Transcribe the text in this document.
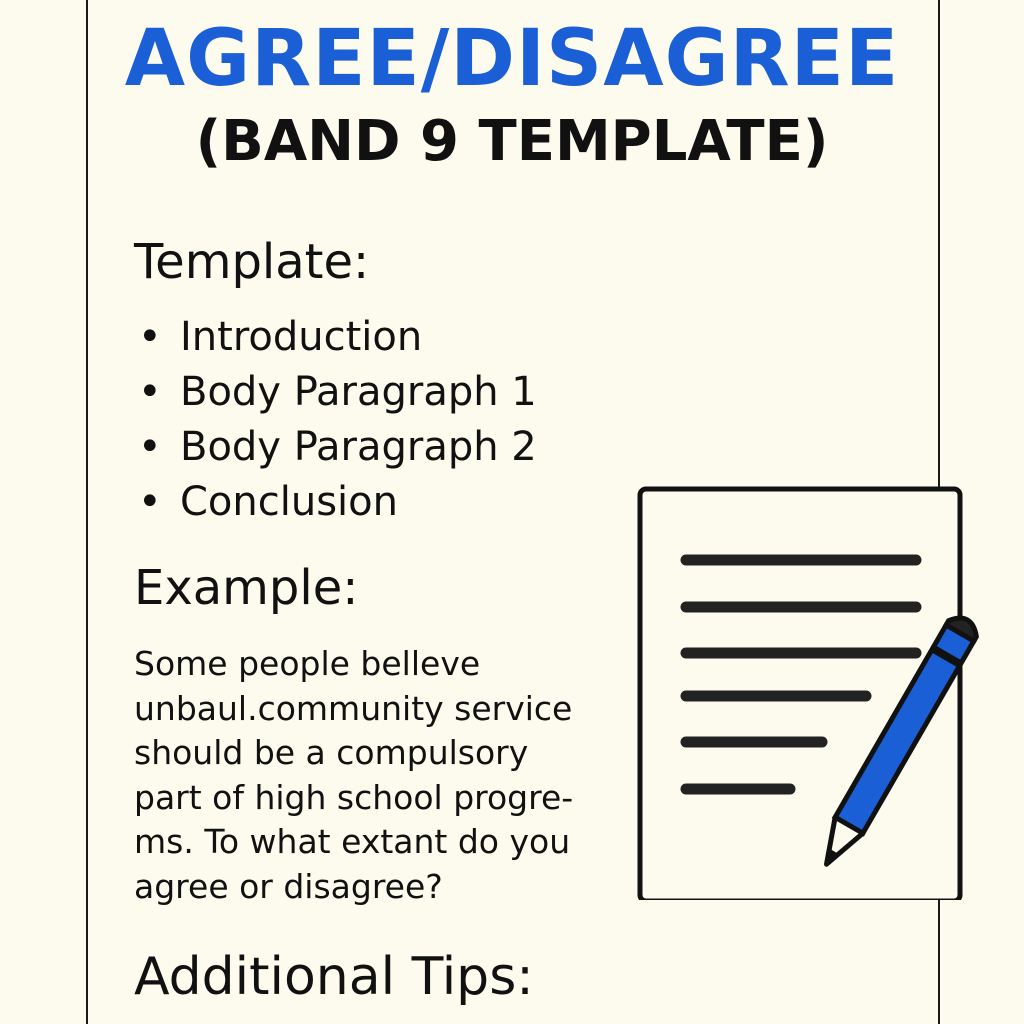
AGREE/DISAGREE
(BAND 9 TEMPLATE)
Template:
• Introduction
• Body Paragraph 1
• Body Paragraph 2
• Conclusion
Example:
Some people belleve
unbaul.community service
should be a compulsory
part of high school progre-
ms. To what extant do you
agree or disagree?
Additional Tips:
